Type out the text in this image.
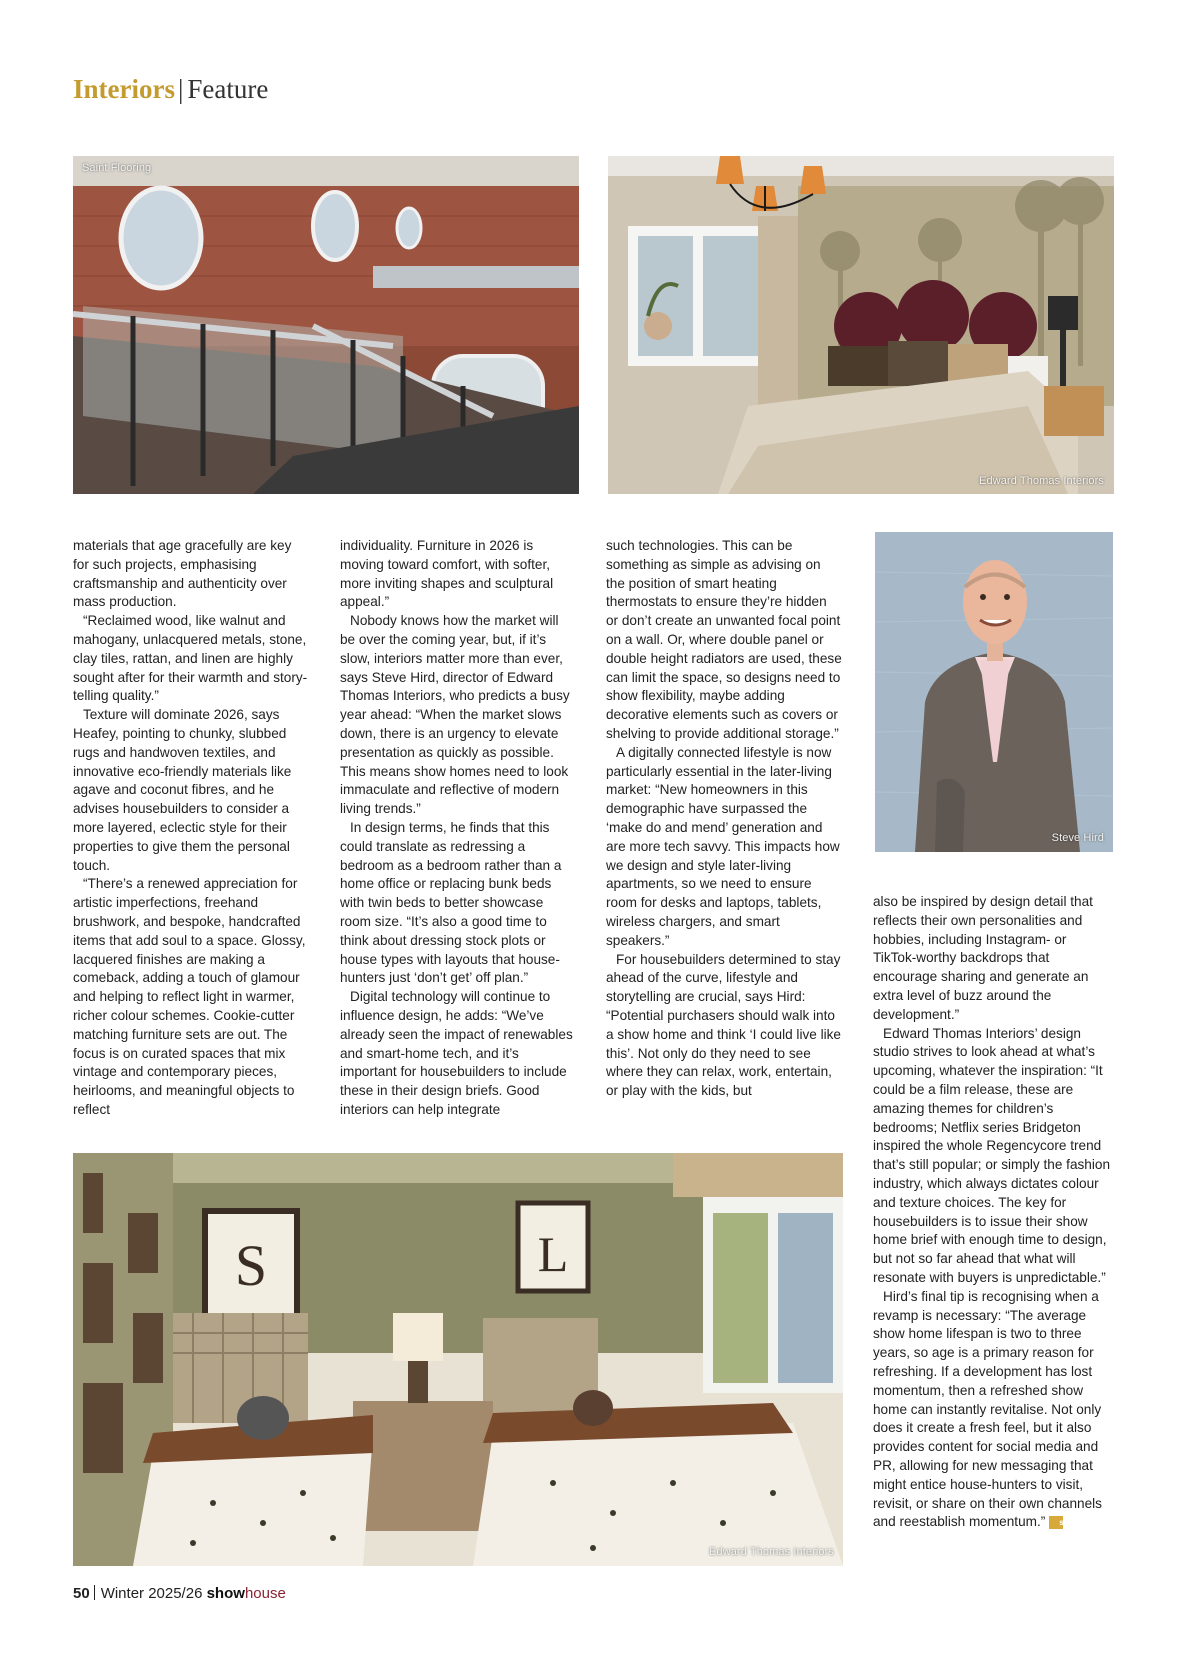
Interiors | Feature
Saint Flooring
Edward Thomas Interiors
Steve Hird
S	L
Edward Thomas Interiors

materials that age gracefully are key for such projects, emphasising craftsmanship and authenticity over mass production.

“Reclaimed wood, like walnut and mahogany, unlacquered metals, stone, clay tiles, rattan, and linen are highly sought after for their warmth and story-telling quality.”

Texture will dominate 2026, says Heafey, pointing to chunky, slubbed rugs and handwoven textiles, and innovative eco-friendly materials like agave and coconut fibres, and he advises housebuilders to consider a more layered, eclectic style for their properties to give them the personal touch.

“There’s a renewed appreciation for artistic imperfections, freehand brushwork, and bespoke, handcrafted items that add soul to a space. Glossy, lacquered finishes are making a comeback, adding a touch of glamour and helping to reflect light in warmer, richer colour schemes. Cookie-cutter matching furniture sets are out. The focus is on curated spaces that mix vintage and contemporary pieces, heirlooms, and meaningful objects to reflect

individuality. Furniture in 2026 is moving toward comfort, with softer, more inviting shapes and sculptural appeal.”

Nobody knows how the market will be over the coming year, but, if it’s slow, interiors matter more than ever, says Steve Hird, director of Edward Thomas Interiors, who predicts a busy year ahead: “When the market slows down, there is an urgency to elevate presentation as quickly as possible. This means show homes need to look immaculate and reflective of modern living trends.”

In design terms, he finds that this could translate as redressing a bedroom as a bedroom rather than a home office or replacing bunk beds with twin beds to better showcase room size. “It’s also a good time to think about dressing stock plots or house types with layouts that house-hunters just ‘don’t get’ off plan.”

Digital technology will continue to influence design, he adds: “We’ve already seen the impact of renewables and smart-home tech, and it’s important for housebuilders to include these in their design briefs. Good interiors can help integrate

such technologies. This can be something as simple as advising on the position of smart heating thermostats to ensure they’re hidden or don’t create an unwanted focal point on a wall. Or, where double panel or double height radiators are used, these can limit the space, so designs need to show flexibility, maybe adding decorative elements such as covers or shelving to provide additional storage.”

A digitally connected lifestyle is now particularly essential in the later-living market: “New homeowners in this demographic have surpassed the ‘make do and mend’ generation and are more tech savvy. This impacts how we design and style later-living apartments, so we need to ensure room for desks and laptops, tablets, wireless chargers, and smart speakers.”

For housebuilders determined to stay ahead of the curve, lifestyle and storytelling are crucial, says Hird: “Potential purchasers should walk into a show home and think ‘I could live like this’. Not only do they need to see where they can relax, work, entertain, or play with the kids, but

also be inspired by design detail that reflects their own personalities and hobbies, including Instagram- or TikTok-worthy backdrops that encourage sharing and generate an extra level of buzz around the development.”

Edward Thomas Interiors’ design studio strives to look ahead at what’s upcoming, whatever the inspiration: “It could be a film release, these are amazing themes for children’s bedrooms; Netflix series Bridgeton inspired the whole Regencycore trend that’s still popular; or simply the fashion industry, which always dictates colour and texture choices. The key for housebuilders is to issue their show home brief with enough time to design, but not so far ahead that what will resonate with buyers is unpredictable.”

Hird’s final tip is recognising when a revamp is necessary: “The average show home lifespan is two to three years, so age is a primary reason for refreshing. If a development has lost momentum, then a refreshed show home can instantly revitalise. Not only does it create a fresh feel, but it also provides content for social media and PR, allowing for new messaging that might entice house-hunters to visit, revisit, or share on their own channels and reestablish momentum.” sh

50 Winter 2025/26 showhouse
